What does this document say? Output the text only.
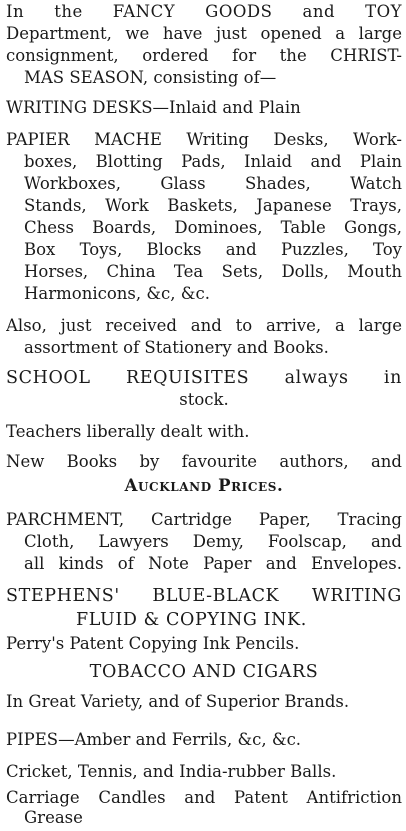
In the FANCY GOODS and TOY
Department, we have just opened a large
consignment, ordered for the CHRIST-
MAS SEASON, consisting of—
WRITING DESKS—Inlaid and Plain
PAPIER MACHE Writing Desks, Work-
boxes, Blotting Pads, Inlaid and Plain
Workboxes, Glass Shades, Watch
Stands, Work Baskets, Japanese Trays,
Chess Boards, Dominoes, Table Gongs,
Box Toys, Blocks and Puzzles, Toy
Horses, China Tea Sets, Dolls, Mouth
Harmonicons, &c, &c.
Also, just received and to arrive, a large
assortment of Stationery and Books.
SCHOOL REQUISITES always in
stock.
Teachers liberally dealt with.
New Books by favourite authors, and
Auckland Prices.
PARCHMENT, Cartridge Paper, Tracing
Cloth, Lawyers Demy, Foolscap, and
all kinds of Note Paper and Envelopes.
STEPHENS' BLUE-BLACK WRITING
FLUID & COPYING INK.
Perry's Patent Copying Ink Pencils.
TOBACCO AND CIGARS
In Great Variety, and of Superior Brands.
PIPES—Amber and Ferrils, &c, &c.
Cricket, Tennis, and India-rubber Balls.
Carriage Candles and Patent Antifriction
Grease
